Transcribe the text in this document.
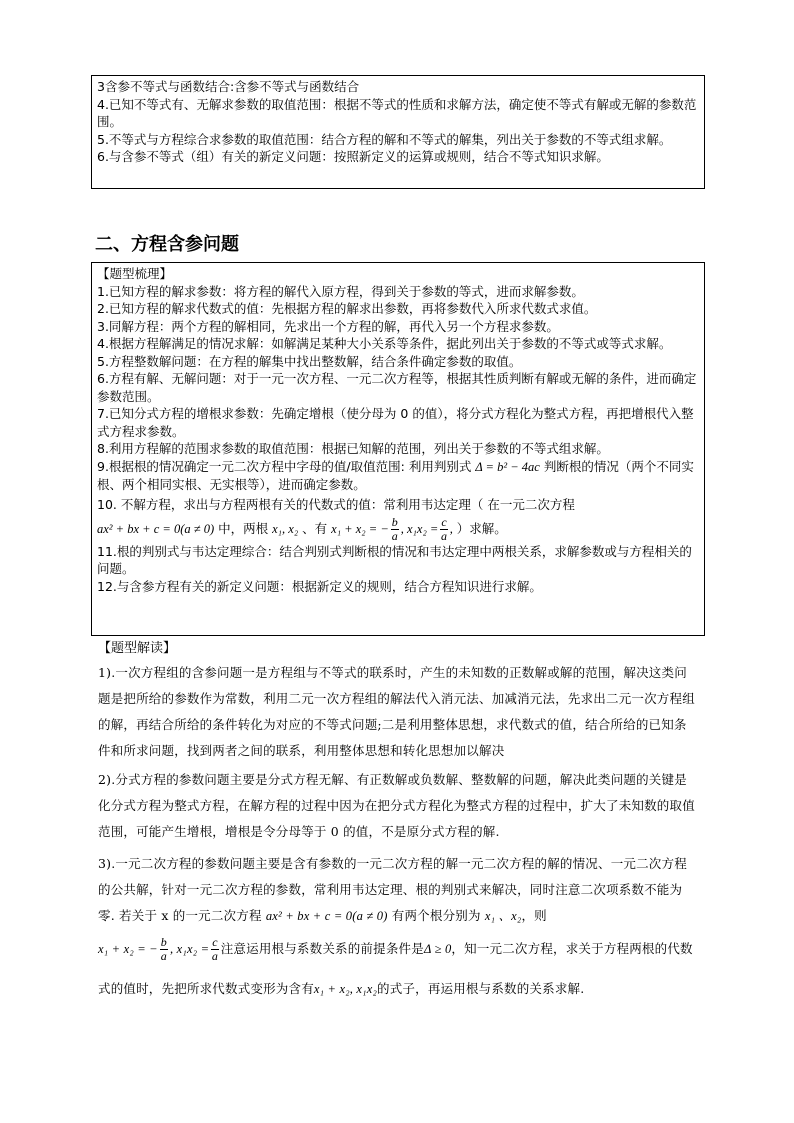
3含参不等式与函数结合:含参不等式与函数结合

4.已知不等式有、无解求参数的取值范围：根据不等式的性质和求解方法，确定使不等式有解或无解的参数范围。

5.不等式与方程综合求参数的取值范围：结合方程的解和不等式的解集，列出关于参数的不等式组求解。

6.与含参不等式（组）有关的新定义问题：按照新定义的运算或规则，结合不等式知识求解。

二、方程含参问题

【题型梳理】

1.已知方程的解求参数：将方程的解代入原方程，得到关于参数的等式，进而求解参数。

2.已知方程的解求代数式的值：先根据方程的解求出参数，再将参数代入所求代数式求值。

3.同解方程：两个方程的解相同，先求出一个方程的解，再代入另一个方程求参数。

4.根据方程解满足的情况求解：如解满足某种大小关系等条件，据此列出关于参数的不等式或等式求解。

5.方程整数解问题：在方程的解集中找出整数解，结合条件确定参数的取值。

6.方程有解、无解问题：对于一元一次方程、一元二次方程等，根据其性质判断有解或无解的条件，进而确定参数范围。

7.已知分式方程的增根求参数：先确定增根（使分母为 0 的值），将分式方程化为整式方程，再把增根代入整式方程求参数。

8.利用方程解的范围求参数的取值范围：根据已知解的范围，列出关于参数的不等式组求解。

9.根据根的情况确定一元二次方程中字母的值/取值范围: 利用判别式 Δ = b² − 4ac 判断根的情况（两个不同实根、两个相同实根、无实根等），进而确定参数。

10. 不解方程，求出与方程两根有关的代数式的值：常利用韦达定理（ 在一元二次方程
ax² + bx + c = 0(a ≠ 0) 中，两根 x₁, x₂ 、有 x₁ + x₂ = − $\frac{b}{a}$ , $x_1x_2 = \frac{c}{a}$ , ）求解。

11.根的判别式与韦达定理综合：结合判别式判断根的情况和韦达定理中两根关系，求解参数或与方程相关的问题。

12.与含参方程有关的新定义问题：根据新定义的规则，结合方程知识进行求解。

【题型解读】

1).一次方程组的含参问题一是方程组与不等式的联系时，产生的未知数的正数解或解的范围，解决这类问题是把所给的参数作为常数，利用二元一次方程组的解法代入消元法、加减消元法，先求出二元一次方程组的解，再结合所给的条件转化为对应的不等式问题;二是利用整体思想，求代数式的值，结合所给的已知条件和所求问题，找到两者之间的联系，利用整体思想和转化思想加以解决

2).分式方程的参数问题主要是分式方程无解、有正数解或负数解、整数解的问题，解决此类问题的关键是化分式方程为整式方程，在解方程的过程中因为在把分式方程化为整式方程的过程中，扩大了未知数的取值范围，可能产生增根，增根是令分母等于 0 的值，不是原分式方程的解.

3).一元二次方程的参数问题主要是含有参数的一元二次方程的解一元二次方程的解的情况、一元二次方程的公共解，针对一元二次方程的参数，常利用韦达定理、根的判别式来解决，同时注意二次项系数不能为零. 若关于 x 的一元二次方程 ax² + bx + c = 0(a ≠ 0) 有两个根分别为 x₁ 、x₂，则
x₁ + x₂ = − $\frac{b}{a}$ , $x_1x_2 = \frac{c}{a}$ 注意运用根与系数关系的前提条件是Δ ≥ 0，知一元二次方程，求关于方程两根的代数式的值时，先把所求代数式变形为含有x₁ + x₂, x₁x₂的式子，再运用根与系数的关系求解.
